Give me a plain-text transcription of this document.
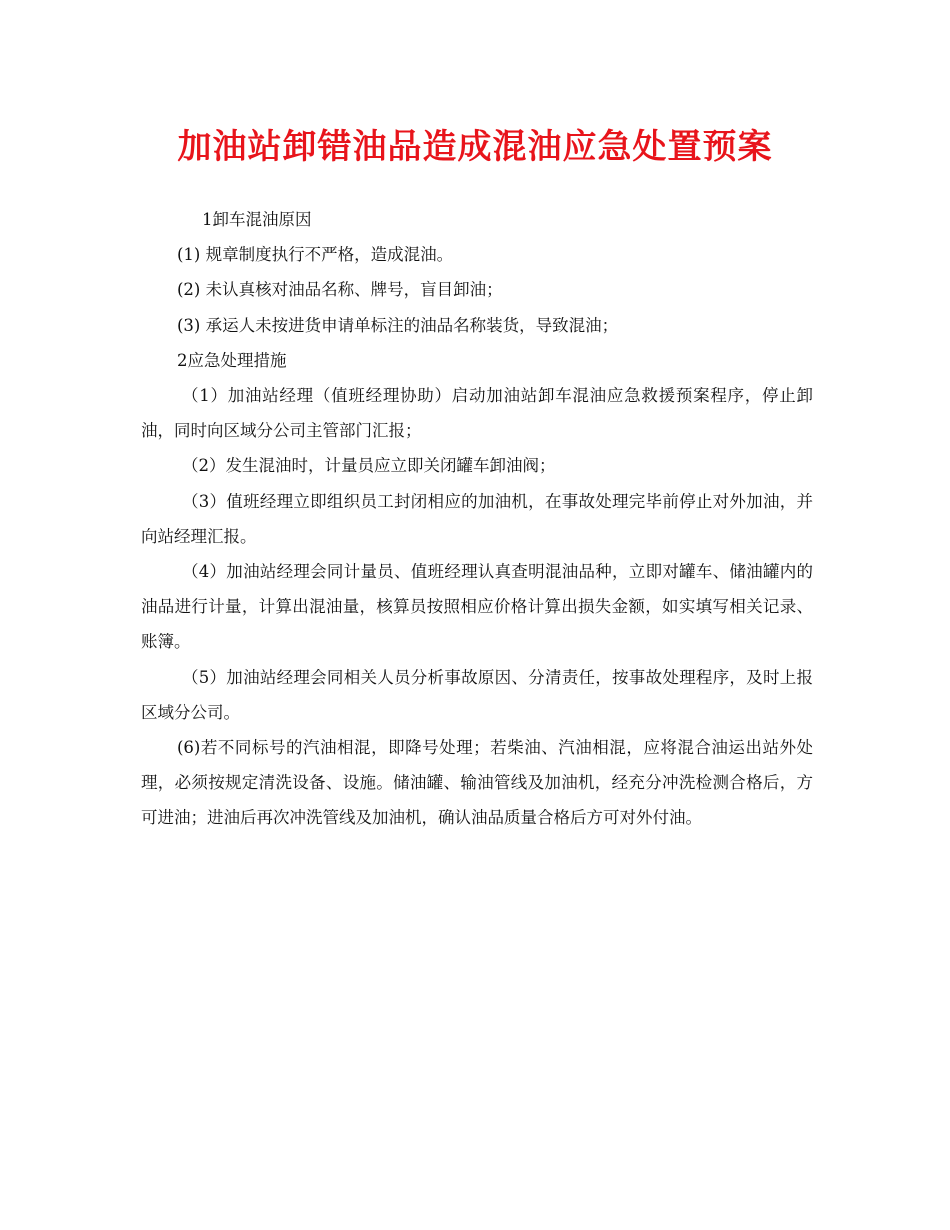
加油站卸错油品造成混油应急处置预案

1卸车混油原因

(1) 规章制度执行不严格，造成混油。

(2) 未认真核对油品名称、牌号，盲目卸油；

(3) 承运人未按进货申请单标注的油品名称装货，导致混油；

2应急处理措施

（1）加油站经理（值班经理协助）启动加油站卸车混油应急救援预案程序，停止卸油，同时向区域分公司主管部门汇报；

（2）发生混油时，计量员应立即关闭罐车卸油阀；

（3）值班经理立即组织员工封闭相应的加油机，在事故处理完毕前停止对外加油，并向站经理汇报。

（4）加油站经理会同计量员、值班经理认真查明混油品种，立即对罐车、储油罐内的油品进行计量，计算出混油量，核算员按照相应价格计算出损失金额，如实填写相关记录、账簿。

（5）加油站经理会同相关人员分析事故原因、分清责任，按事故处理程序，及时上报区域分公司。

(6)若不同标号的汽油相混，即降号处理；若柴油、汽油相混，应将混合油运出站外处理，必须按规定清洗设备、设施。储油罐、输油管线及加油机，经充分冲洗检测合格后，方可进油；进油后再次冲洗管线及加油机，确认油品质量合格后方可对外付油。
